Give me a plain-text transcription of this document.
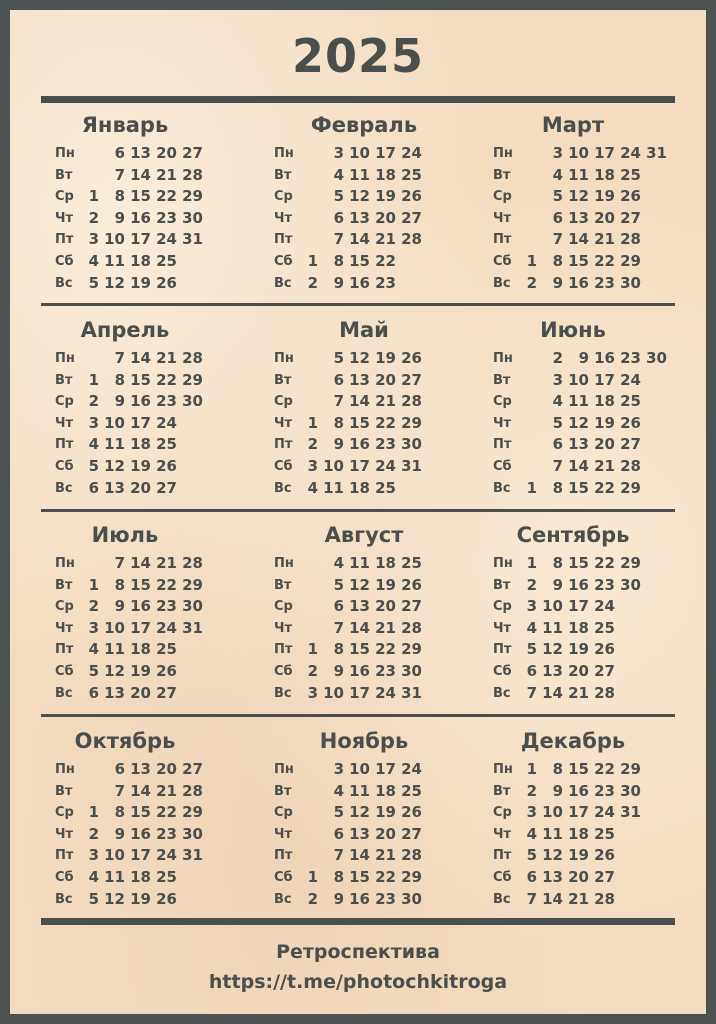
2025
Январь
Пн	6 13 20 27
Вт	7 14 21 28
Ср 1	8 15 22 29
Чт	2	9 16 23 30
Пт	3 10 17 24 31
Сб 4 11 18 25
Вс	5 12 19 26
Февраль
Пн	3 10 17 24
Вт	4 11 18 25
Ср	5 12 19 26
Чт	6 13 20 27
Пт	7 14 21 28
Сб 1	8 15 22
Вс	2	9 16 23
Март
Пн	3 10 17 24 31
Вт	4 11 18 25
Ср	5 12 19 26
Чт	6 13 20 27
Пт	7 14 21 28
Сб 1	8 15 22 29
Вс	2	9 16 23 30
Апрель
Пн	7 14 21 28
Вт	1	8 15 22 29
Ср 2	9 16 23 30
Чт	3 10 17 24
Пт	4 11 18 25
Сб 5 12 19 26
Вс	6 13 20 27
Май
Пн	5 12 19 26
Вт	6 13 20 27
Ср	7 14 21 28
Чт	1	8 15 22 29
Пт	2	9 16 23 30
Сб 3 10 17 24 31
Вс	4 11 18 25
Июнь
Пн	2	9 16 23 30
Вт	3 10 17 24
Ср	4 11 18 25
Чт	5 12 19 26
Пт	6 13 20 27
Сб	7 14 21 28
Вс	1	8 15 22 29
Июль
Пн	7 14 21 28
Вт	1	8 15 22 29
Ср 2	9 16 23 30
Чт	3 10 17 24 31
Пт	4 11 18 25
Сб 5 12 19 26
Вс	6 13 20 27
Август
Пн	4 11 18 25
Вт	5 12 19 26
Ср	6 13 20 27
Чт	7 14 21 28
Пт	1	8 15 22 29
Сб 2	9 16 23 30
Вс	3 10 17 24 31
Сентябрь
Пн 1	8 15 22 29
Вт	2	9 16 23 30
Ср 3 10 17 24
Чт	4 11 18 25
Пт	5 12 19 26
Сб 6 13 20 27
Вс	7 14 21 28
Октябрь
Пн	6 13 20 27
Вт	7 14 21 28
Ср 1	8 15 22 29
Чт	2	9 16 23 30
Пт	3 10 17 24 31
Сб 4 11 18 25
Вс	5 12 19 26
Ноябрь
Пн	3 10 17 24
Вт	4 11 18 25
Ср	5 12 19 26
Чт	6 13 20 27
Пт	7 14 21 28
Сб 1	8 15 22 29
Вс	2	9 16 23 30
Декабрь
Пн 1	8 15 22 29
Вт	2	9 16 23 30
Ср 3 10 17 24 31
Чт	4 11 18 25
Пт	5 12 19 26
Сб 6 13 20 27
Вс	7 14 21 28
Ретроспектива
https://t.me/photochkitroga
